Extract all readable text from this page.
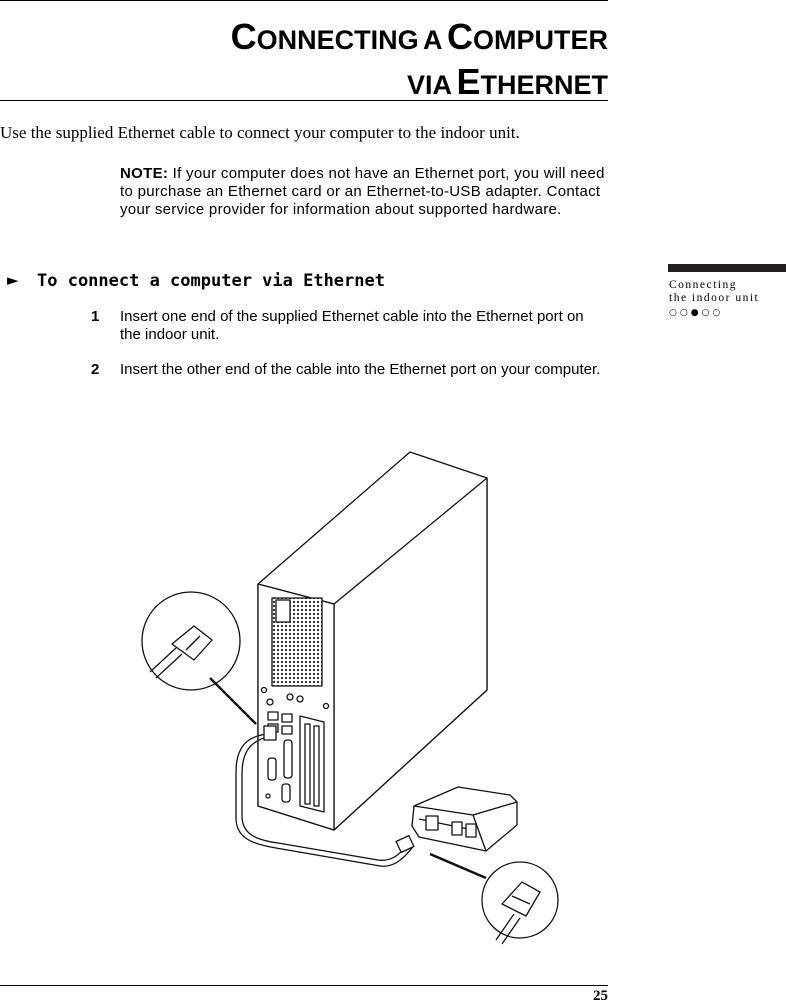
CONNECTING A COMPUTER
VIA ETHERNET
Use the supplied Ethernet cable to connect your computer to the indoor unit.
NOTE: If your computer does not have an Ethernet port, you will need to purchase an Ethernet card or an Ethernet-to-USB adapter. Contact your service provider for information about supported hardware.
► To connect a computer via Ethernet
1 Insert one end of the supplied Ethernet cable into the Ethernet port on the indoor unit.
2 Insert the other end of the cable into the Ethernet port on your computer.
Connecting
the indoor unit
○○●○○
25
